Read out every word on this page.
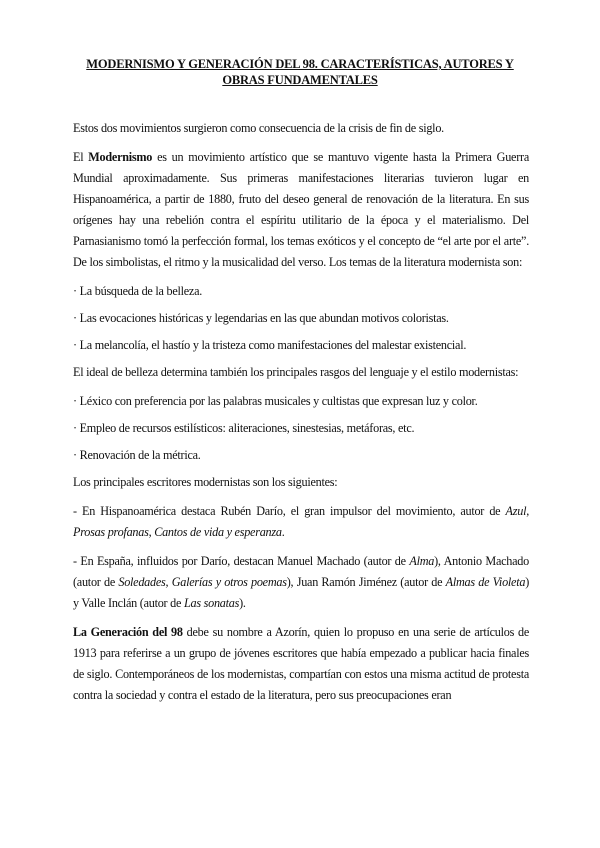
MODERNISMO Y GENERACIÓN DEL 98. CARACTERÍSTICAS, AUTORES Y
OBRAS FUNDAMENTALES

Estos dos movimientos surgieron como consecuencia de la crisis de fin de siglo.

El Modernismo es un movimiento artístico que se mantuvo vigente hasta la Primera Guerra Mundial aproximadamente. Sus primeras manifestaciones literarias tuvieron lugar en Hispanoamérica, a partir de 1880, fruto del deseo general de renovación de la literatura. En sus orígenes hay una rebelión contra el espíritu utilitario de la época y el materialismo. Del Parnasianismo tomó la perfección formal, los temas exóticos y el concepto de “el arte por el arte”. De los simbolistas, el ritmo y la musicalidad del verso. Los temas de la literatura modernista son:

· La búsqueda de la belleza.

· Las evocaciones históricas y legendarias en las que abundan motivos coloristas.

· La melancolía, el hastío y la tristeza como manifestaciones del malestar existencial.

El ideal de belleza determina también los principales rasgos del lenguaje y el estilo modernistas:

· Léxico con preferencia por las palabras musicales y cultistas que expresan luz y color.

· Empleo de recursos estilísticos: aliteraciones, sinestesias, metáforas, etc.

· Renovación de la métrica.

Los principales escritores modernistas son los siguientes:

- En Hispanoamérica destaca Rubén Darío, el gran impulsor del movimiento, autor de Azul, Prosas profanas, Cantos de vida y esperanza.

- En España, influidos por Darío, destacan Manuel Machado (autor de Alma), Antonio Machado (autor de Soledades, Galerías y otros poemas), Juan Ramón Jiménez (autor de Almas de Violeta) y Valle Inclán (autor de Las sonatas).

La Generación del 98 debe su nombre a Azorín, quien lo propuso en una serie de artículos de 1913 para referirse a un grupo de jóvenes escritores que había empezado a publicar hacia finales de siglo. Contemporáneos de los modernistas, compartían con estos una misma actitud de protesta contra la sociedad y contra el estado de la literatura, pero sus preocupaciones eran
